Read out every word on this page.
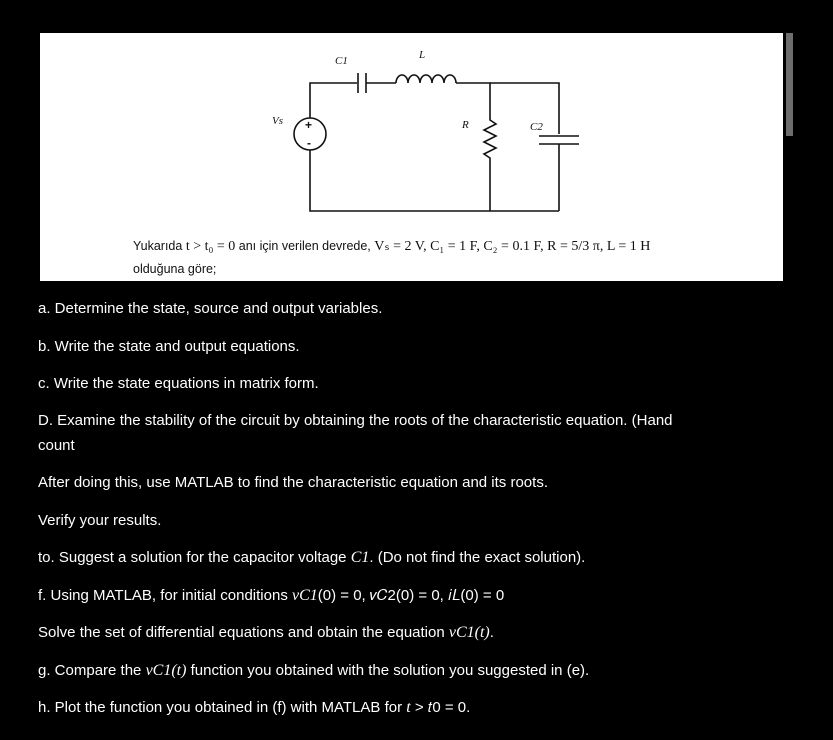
+
-
C1	L
Vs	R	C2
Yukarıda t > t₀ = 0 anı için verilen devrede, Vₛ = 2 V, C₁ = 1 F, C₂ = 0.1 F, R = 5/3 π, L = 1 H
olduğuna göre;
a. Determine the state, source and output variables.
b. Write the state and output equations.
c. Write the state equations in matrix form.
D. Examine the stability of the circuit by obtaining the roots of the characteristic equation. (Hand
count
After doing this, use MATLAB to find the characteristic equation and its roots.
Verify your results.
to. Suggest a solution for the capacitor voltage C1. (Do not find the exact solution).
f. Using MATLAB, for initial conditions vC1(0) = 0, 𝑣𝐶2(0) = 0, 𝑖𝐿(0) = 0
Solve the set of differential equations and obtain the equation vC1(t).
g. Compare the vC1(t) function you obtained with the solution you suggested in (e).
h. Plot the function you obtained in (f) with MATLAB for t > 𝑡0 = 0.
